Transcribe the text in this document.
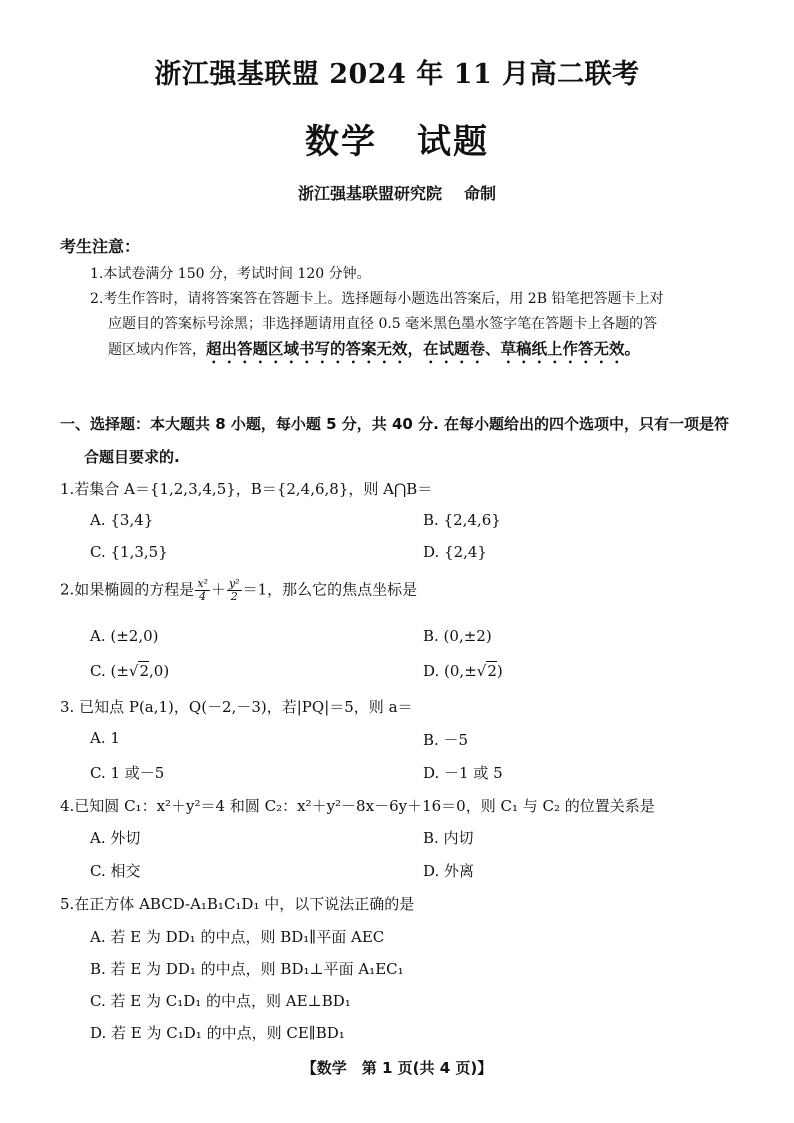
浙江强基联盟 2024 年 11 月高二联考
数学 试题
浙江强基联盟研究院 命制
考生注意：
1.本试卷满分 150 分，考试时间 120 分钟。
2.考生作答时，请将答案答在答题卡上。选择题每小题选出答案后，用 2B 铅笔把答题卡上对
应题目的答案标号涂黑；非选择题请用直径 0.5 毫米黑色墨水签字笔在答题卡上各题的答
题区域内作答，超出答题区域书写的答案无效，在试题卷、草稿纸上作答无效。
一、选择题：本大题共 8 小题，每小题 5 分，共 40 分. 在每小题给出的四个选项中，只有一项是符
合题目要求的.
1.若集合 A＝{1,2,3,4,5}，B＝{2,4,6,8}，则 A⋂B＝
A. {3,4}	B. {2,4,6}
C. {1,3,5}	D. {2,4}
2.如果椭圆的方程是 $\frac{\text{x²}}{4} + \frac{\text{y²}}{2} =1$，那么它的焦点坐标是
A. (±2,0)	B. (0,±2)
C. (±√2,0)	D. (0,±√2)
3. 已知点 P(a,1)，Q(－2,－3)，若|PQ|＝5，则 a＝
A. 1	B. －5
C. 1 或－5	D. －1 或 5
4.已知圆 C₁：x²＋y²＝4 和圆 C₂：x²＋y²－8x－6y＋16＝0，则 C₁ 与 C₂ 的位置关系是
A. 外切	B. 内切
C. 相交	D. 外离
5.在正方体 ABCD-A₁B₁C₁D₁ 中，以下说法正确的是
A. 若 E 为 DD₁ 的中点，则 BD₁∥平面 AEC
B. 若 E 为 DD₁ 的中点，则 BD₁⊥平面 A₁EC₁
C. 若 E 为 C₁D₁ 的中点，则 AE⊥BD₁
D. 若 E 为 C₁D₁ 的中点，则 CE∥BD₁
【数学　第 1 页(共 4 页)】
